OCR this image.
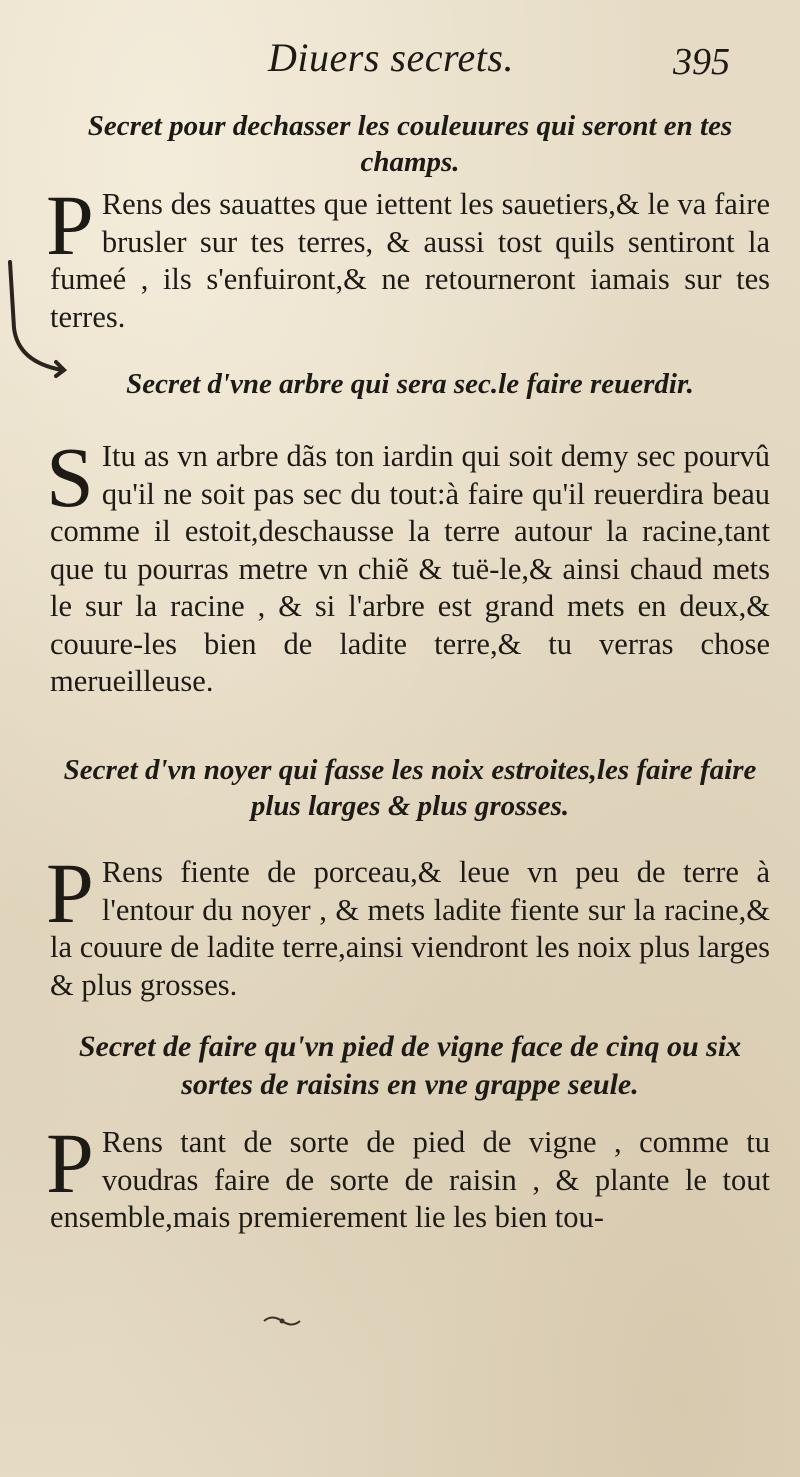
Diuers secrets.	395

Secret pour dechasser les couleuures qui seront en tes champs.

P Rens des sauattes que iettent les sauetiers,& le va faire brusler sur tes terres, & aussi tost quils sentiront la fumeé , ils s'enfuiront,& ne retourneront iamais sur tes terres.

Secret d'vne arbre qui sera sec.le faire reuerdir.

S Itu as vn arbre dãs ton iardin qui soit demy sec pourvû qu'il ne soit pas sec du tout:à faire qu'il reuerdira beau comme il estoit,deschausse la terre autour la racine,tant que tu pourras metre vn chiẽ & tuë-le,& ainsi chaud mets le sur la racine , & si l'arbre est grand mets en deux,& couure-les bien de ladite terre,& tu verras chose merueilleuse.

Secret d'vn noyer qui fasse les noix estroites,les faire faire plus larges & plus grosses.

P Rens fiente de porceau,& leue vn peu de terre à l'entour du noyer , & mets ladite fiente sur la racine,& la couure de ladite terre,ainsi viendront les noix plus larges & plus grosses.

Secret de faire qu'vn pied de vigne face de cinq ou six sortes de raisins en vne grappe seule.

P Rens tant de sorte de pied de vigne , comme tu voudras faire de sorte de raisin , & plante le tout ensemble,mais premierement lie les bien tou-
